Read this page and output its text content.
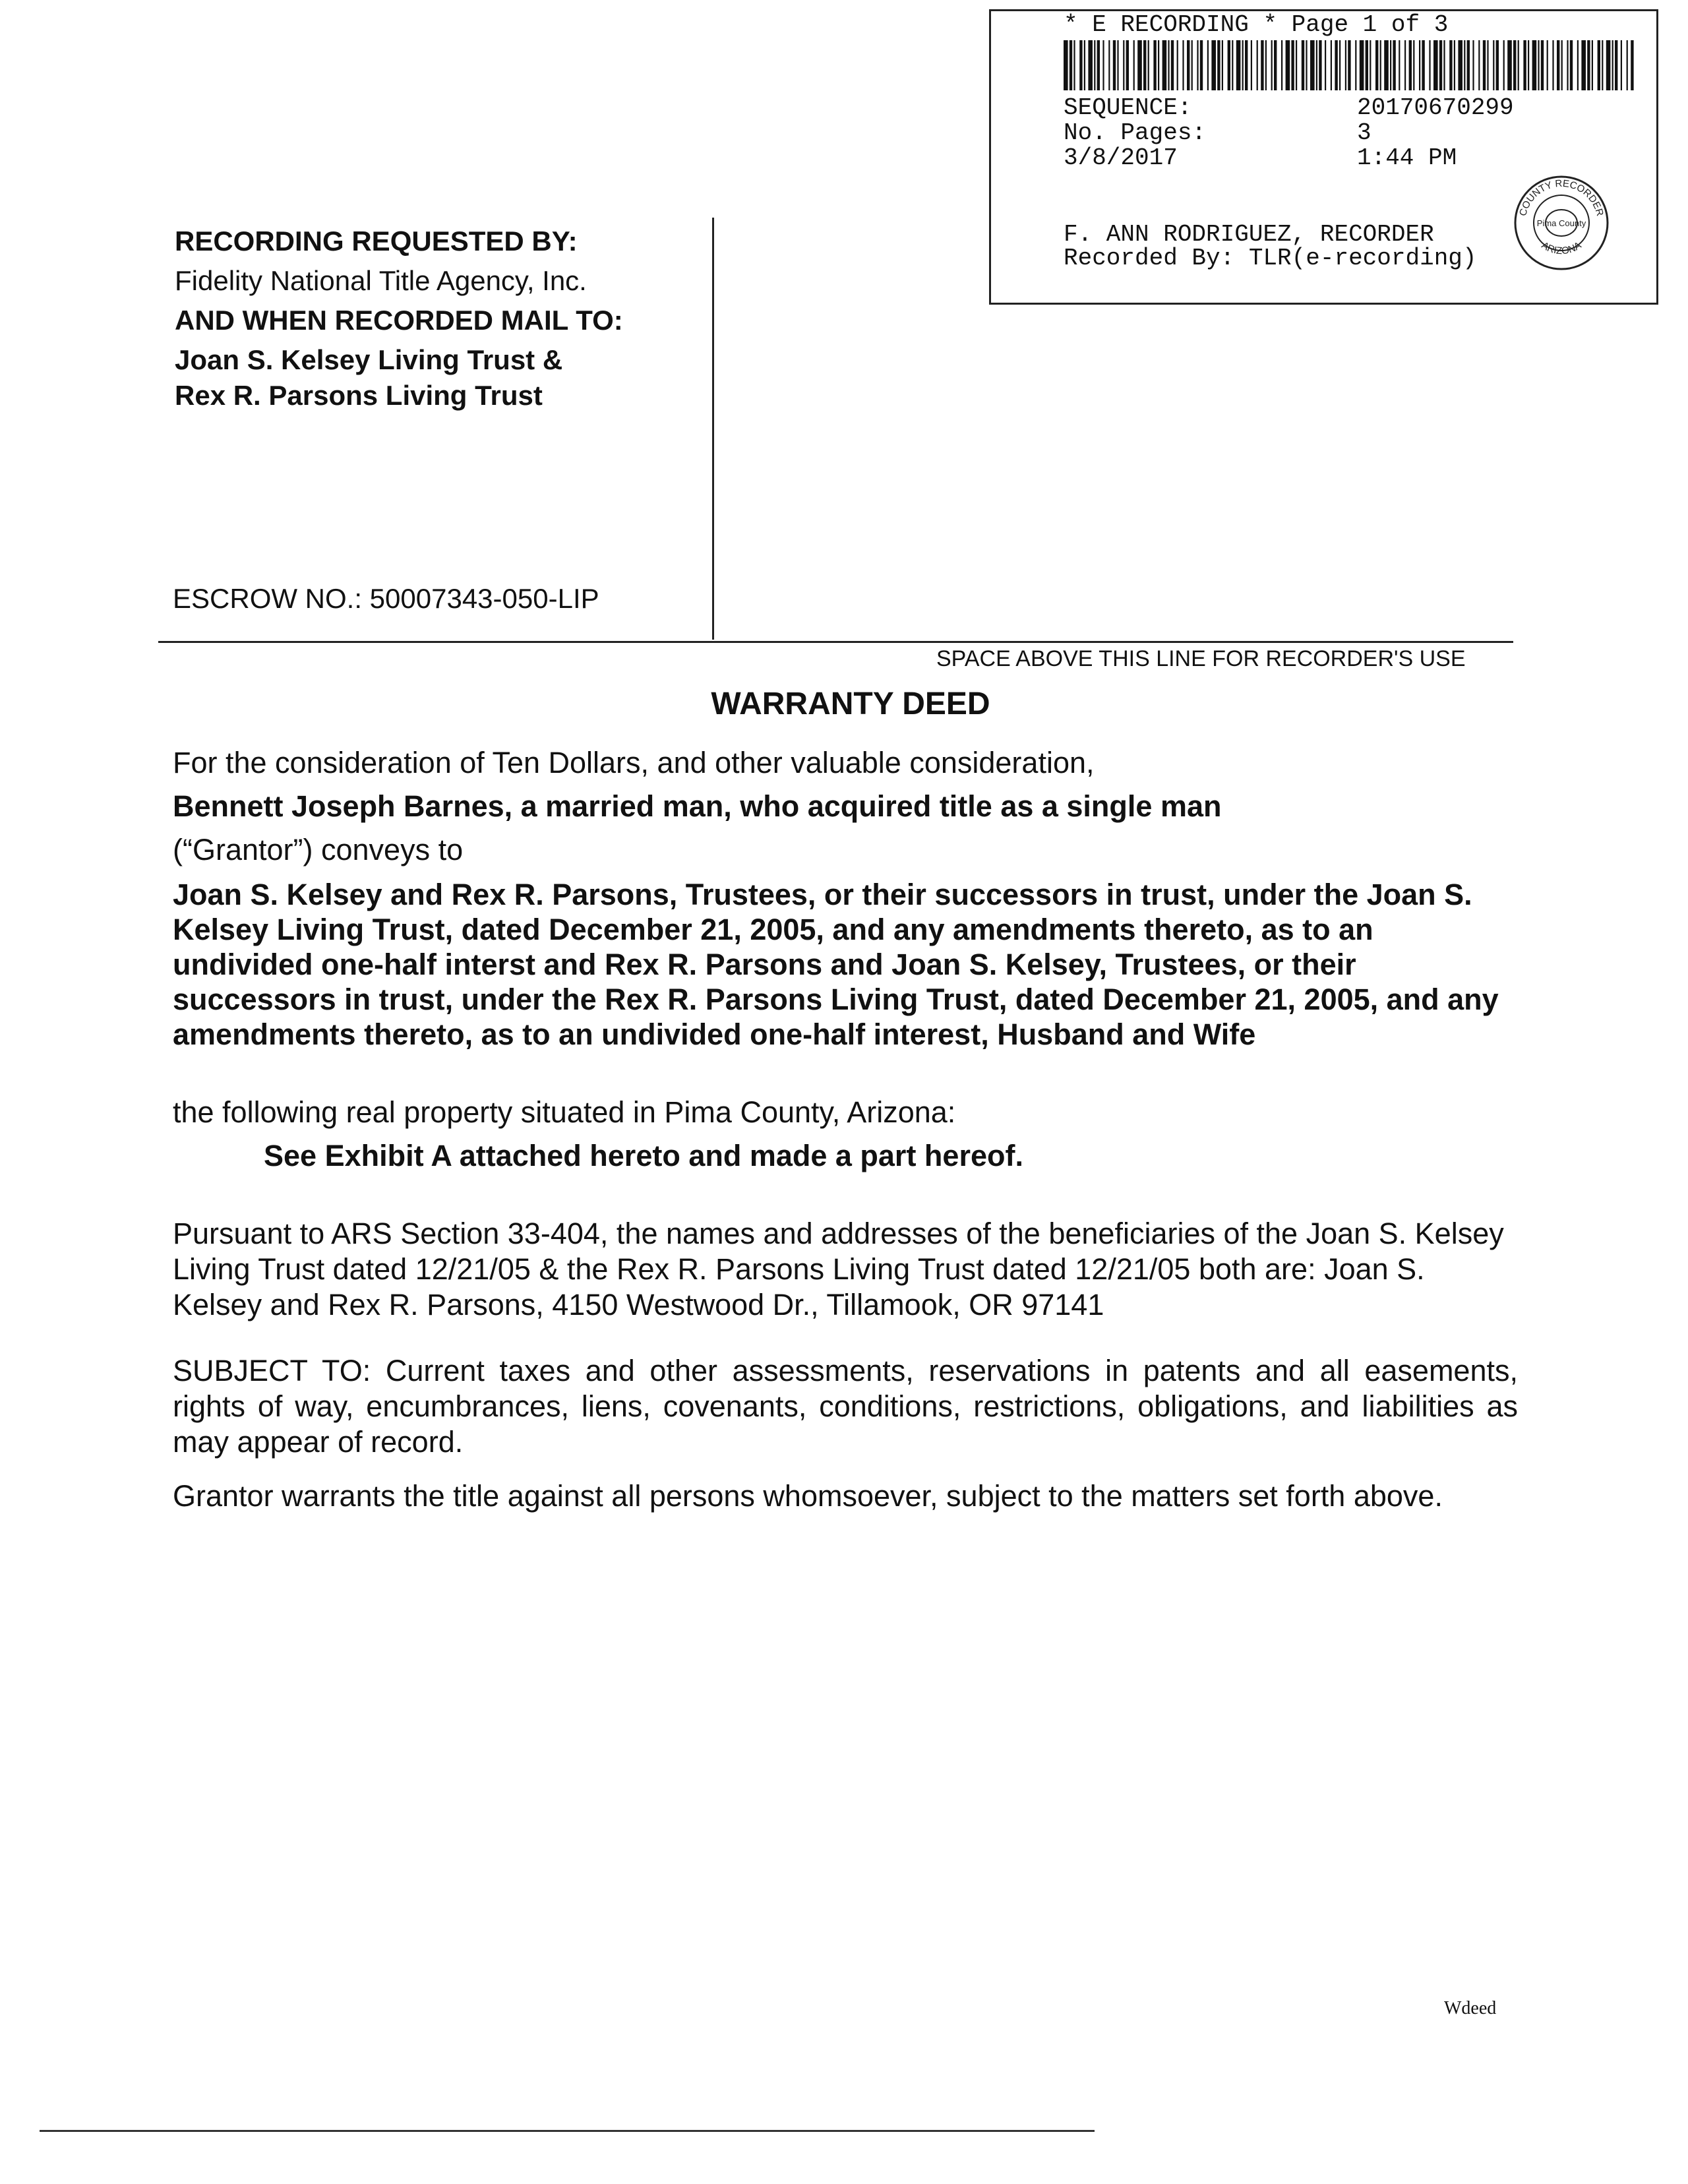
* E RECORDING * Page 1 of 3
SEQUENCE:	20170670299
No. Pages:	3
3/8/2017	1:44 PM
F. ANN RODRIGUEZ, RECORDER
Recorded By: TLR(e-recording)
COUNTY RECORDER
ARIZONA
Pima County
RECORDING REQUESTED BY:
Fidelity National Title Agency, Inc.
AND WHEN RECORDED MAIL TO:
Joan S. Kelsey Living Trust &
Rex R. Parsons Living Trust
ESCROW NO.: 50007343-050-LIP
SPACE ABOVE THIS LINE FOR RECORDER'S USE
WARRANTY DEED
For the consideration of Ten Dollars, and other valuable consideration,
Bennett Joseph Barnes, a married man, who acquired title as a single man
(“Grantor”) conveys to
Joan S. Kelsey and Rex R. Parsons, Trustees, or their successors in trust, under the Joan S. Kelsey Living Trust, dated December 21, 2005, and any amendments thereto, as to an undivided one-half interst and Rex R. Parsons and Joan S. Kelsey, Trustees, or their successors in trust, under the Rex R. Parsons Living Trust, dated December 21, 2005, and any amendments thereto, as to an undivided one-half interest, Husband and Wife
the following real property situated in Pima County, Arizona:
See Exhibit A attached hereto and made a part hereof.
Pursuant to ARS Section 33-404, the names and addresses of the beneficiaries of the Joan S. Kelsey Living Trust dated 12/21/05 & the Rex R. Parsons Living Trust dated 12/21/05 both are: Joan S. Kelsey and Rex R. Parsons, 4150 Westwood Dr., Tillamook, OR 97141
SUBJECT TO: Current taxes and other assessments, reservations in patents and all easements, rights of way, encumbrances, liens, covenants, conditions, restrictions, obligations, and liabilities as may appear of record.
Grantor warrants the title against all persons whomsoever, subject to the matters set forth above.
Wdeed
